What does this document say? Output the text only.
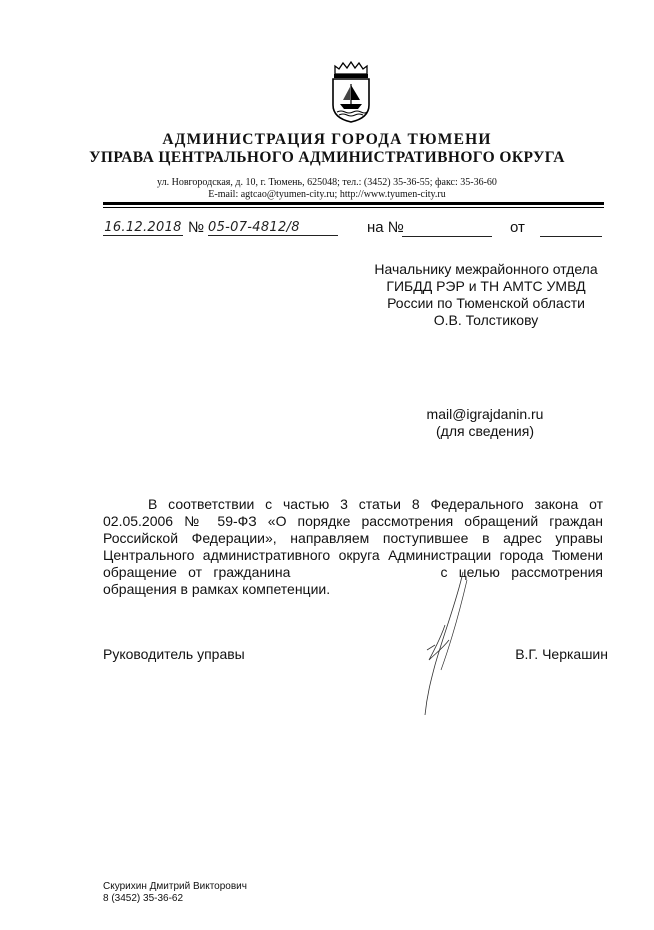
АДМИНИСТРАЦИЯ ГОРОДА ТЮМЕНИ
УПРАВА ЦЕНТРАЛЬНОГО АДМИНИСТРАТИВНОГО ОКРУГА
ул. Новгородская, д. 10, г. Тюмень, 625048; тел.: (3452) 35-36-55; факс: 35-36-60
E-mail: agtcao@tyumen-city.ru; http://www.tyumen-city.ru
16.12.2018 № 05-07-4812/8	на №	от
Начальнику межрайонного отдела
ГИБДД РЭР и ТН АМТС УМВД
России по Тюменской области
О.В. Толстикову
mail@igrajdanin.ru
(для сведения)

В соответствии с частью 3 статьи 8 Федерального закона от 02.05.2006 № 59-ФЗ «О порядке рассмотрения обращений граждан Российской Федерации», направляем поступившее в адрес управы Центрального административного округа Администрации города Тюмени обращение от гражданина	с целью рассмотрения обращения в рамках компетенции.

Руководитель управы	В.Г. Черкашин
Скурихин Дмитрий Викторович
8 (3452) 35-36-62
